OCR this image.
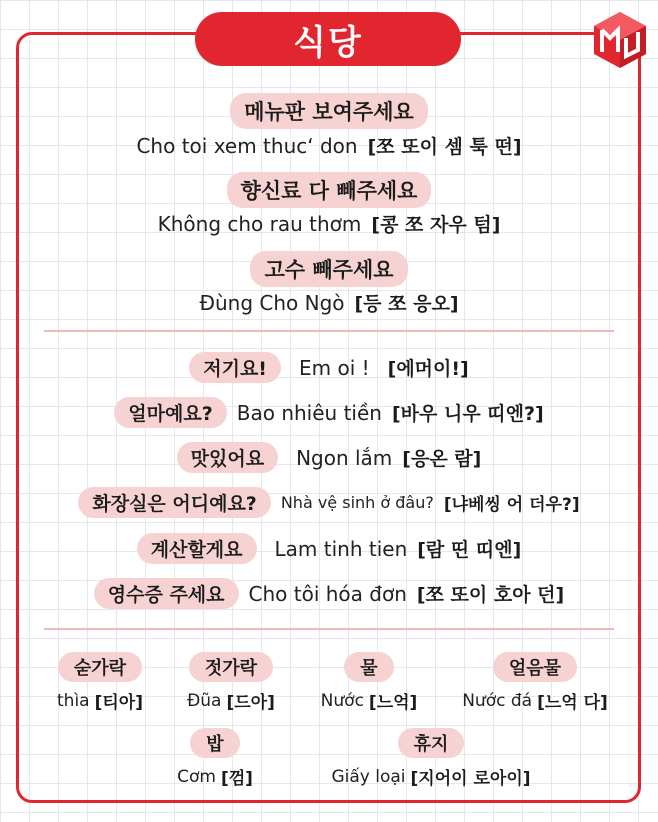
식당
메뉴판 보여주세요
Cho toi xem thuc‘ don [쪼 또이 셈 툭 떤]
향신료 다 빼주세요
Không cho rau thơm [콩 쪼 자우 텀]
고수 빼주세요
Đùng Cho Ngò [등 쪼 응오]
저기요!	Em oi ! [에머이!]
얼마예요?	Bao nhiêu tiền [바우 니우 띠엔?]
맛있어요	Ngon lắm [응온 람]
화장실은 어디예요?	Nhà vệ sinh ở đâu? [냐베씽 어 더우?]
계산할게요	Lam tinh tien [람 띤 띠엔]
영수증 주세요	Cho tôi hóa đơn [쪼 또이 호아 던]
숟가락
thìa [티아]
젓가락
Đũa [드아]
물
Nước [느억]
얼음물
Nước đá [느억 다]
밥
Cơm [껌]
휴지
Giấy loại [지어이 로아이]
